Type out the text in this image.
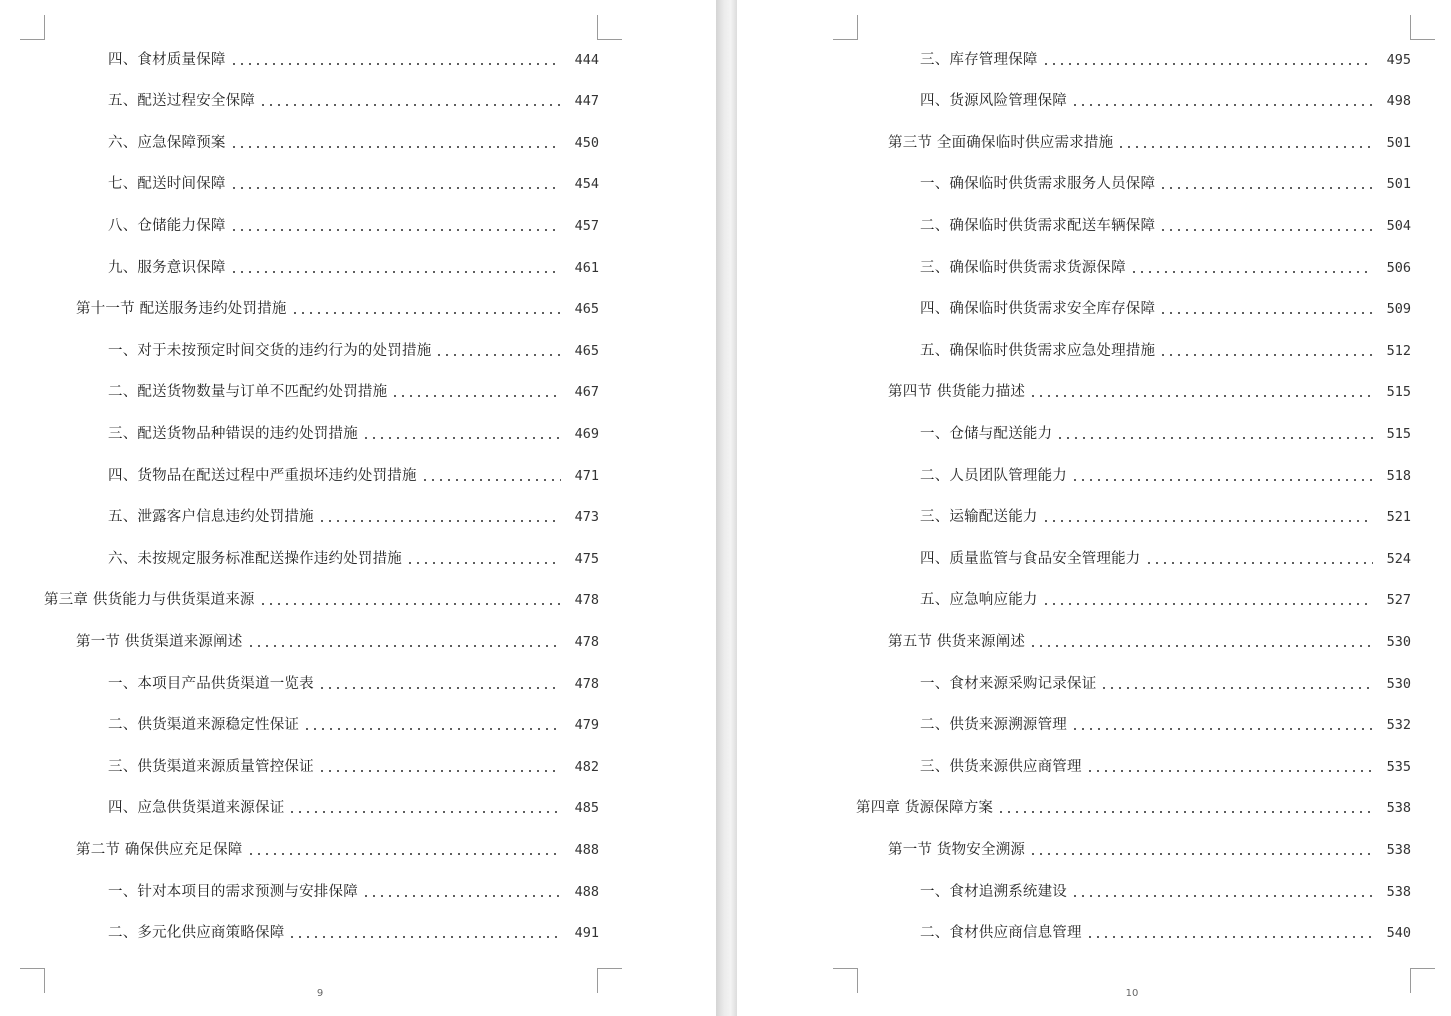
四、食材质量保障	444
五、配送过程安全保障	447
六、应急保障预案	450
七、配送时间保障	454
八、仓储能力保障	457
九、服务意识保障	461
第十一节 配送服务违约处罚措施	465
一、对于未按预定时间交货的违约行为的处罚措施	465
二、配送货物数量与订单不匹配约处罚措施	467
三、配送货物品种错误的违约处罚措施	469
四、货物品在配送过程中严重损坏违约处罚措施	471
五、泄露客户信息违约处罚措施	473
六、未按规定服务标准配送操作违约处罚措施	475
第三章 供货能力与供货渠道来源	478
第一节 供货渠道来源阐述	478
一、本项目产品供货渠道一览表	478
二、供货渠道来源稳定性保证	479
三、供货渠道来源质量管控保证	482
四、应急供货渠道来源保证	485
第二节 确保供应充足保障	488
一、针对本项目的需求预测与安排保障	488
二、多元化供应商策略保障	491
9
三、库存管理保障	495
四、货源风险管理保障	498
第三节 全面确保临时供应需求措施	501
一、确保临时供货需求服务人员保障	501
二、确保临时供货需求配送车辆保障	504
三、确保临时供货需求货源保障	506
四、确保临时供货需求安全库存保障	509
五、确保临时供货需求应急处理措施	512
第四节 供货能力描述	515
一、仓储与配送能力	515
二、人员团队管理能力	518
三、运输配送能力	521
四、质量监管与食品安全管理能力	524
五、应急响应能力	527
第五节 供货来源阐述	530
一、食材来源采购记录保证	530
二、供货来源溯源管理	532
三、供货来源供应商管理	535
第四章 货源保障方案	538
第一节 货物安全溯源	538
一、食材追溯系统建设	538
二、食材供应商信息管理	540
10
